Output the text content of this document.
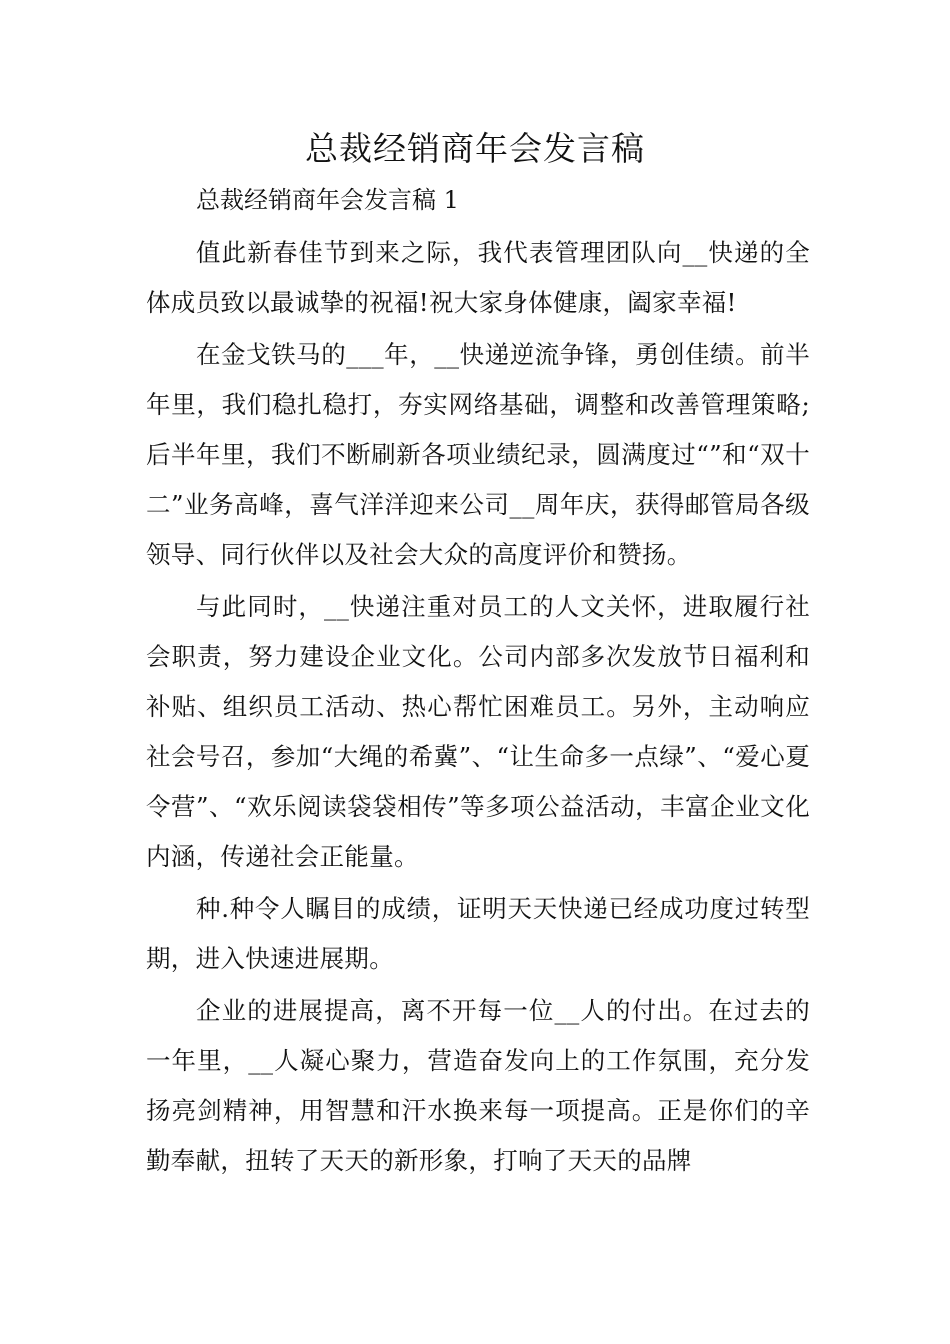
总裁经销商年会发言稿

总裁经销商年会发言稿 1

值此新春佳节到来之际，我代表管理团队向__快递的全体成员致以最诚挚的祝福!祝大家身体健康，阖家幸福!

在金戈铁马的___年，__快递逆流争锋，勇创佳绩。前半年里，我们稳扎稳打，夯实网络基础，调整和改善管理策略;后半年里，我们不断刷新各项业绩纪录，圆满度过“”和“双十二”业务高峰，喜气洋洋迎来公司__周年庆，获得邮管局各级领导、同行伙伴以及社会大众的高度评价和赞扬。

与此同时，__快递注重对员工的人文关怀，进取履行社会职责，努力建设企业文化。公司内部多次发放节日福利和补贴、组织员工活动、热心帮忙困难员工。另外，主动响应社会号召，参加“大绳的希冀”、“让生命多一点绿”、“爱心夏令营”、“欢乐阅读袋袋相传”等多项公益活动，丰富企业文化内涵，传递社会正能量。

种.种令人瞩目的成绩，证明天天快递已经成功度过转型期，进入快速进展期。

企业的进展提高，离不开每一位__人的付出。在过去的一年里，__人凝心聚力，营造奋发向上的工作氛围，充分发扬亮剑精神，用智慧和汗水换来每一项提高。正是你们的辛勤奉献，扭转了天天的新形象，打响了天天的品牌
